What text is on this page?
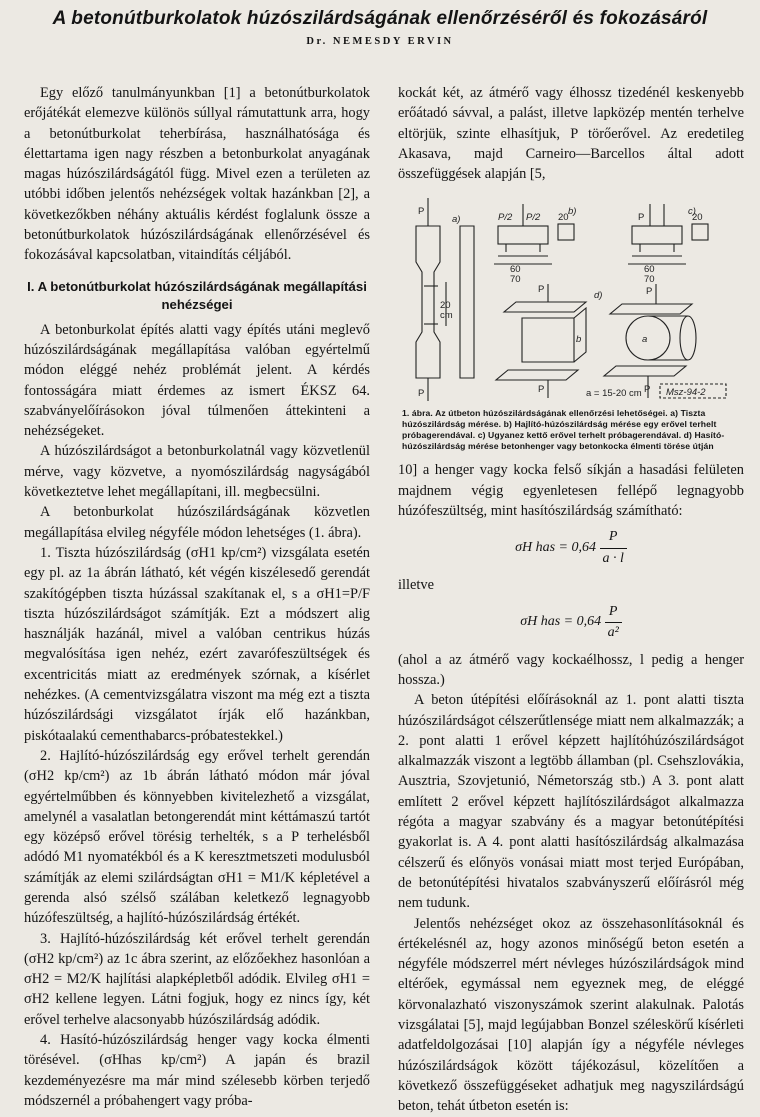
A betonútburkolatok húzószilárdságának ellenőrzéséről és fokozásáról
Dr. NEMESDY ERVIN

Egy előző tanulmányunkban [1] a betonútburkolatok erőjátékát elemezve különös súllyal rámutattunk arra, hogy a betonútburkolat teherbírása, használhatósága és élettartama igen nagy részben a betonburkolat anyagának magas húzószilárdságától függ. Mivel ezen a területen az utóbbi időben jelentős nehézségek voltak hazánkban [2], a következőkben néhány aktuális kérdést foglalunk össze a betonútburkolatok húzószilárdságának ellenőrzésével és fokozásával kapcsolatban, vitaindítás céljából.

I. A betonútburkolat húzószilárdságának megállapítási nehézségei

A betonburkolat építés alatti vagy építés utáni meglevő húzószilárdságának megállapítása valóban egyértelmű módon eléggé nehéz problémát jelent. A kérdés fontosságára miatt érdemes az ismert ÉKSZ 64. szabványelőírásokon jóval túlmenően áttekinteni a nehézségeket.

A húzószilárdságot a betonburkolatnál vagy közvetlenül mérve, vagy közvetve, a nyomószilárdság nagyságából következtetve lehet megállapítani, ill. megbecsülni.

A betonburkolat húzószilárdságának közvetlen megállapítása elvileg négyféle módon lehetséges (1. ábra).

1. Tiszta húzószilárdság (σH1 kp/cm²) vizsgálata esetén egy pl. az 1a ábrán látható, két végén kiszélesedő gerendát szakítógépben tiszta húzással szakítanak el, s a σH1=P/F tiszta húzószilárdságot számítják. Ezt a módszert alig használják hazánál, mivel a valóban centrikus húzás megvalósítása igen nehéz, ezért zavarófeszültségek és excentricitás miatt az eredmények szórnak, a kísérlet nehézkes. (A cementvizsgálatra viszont ma még ezt a tiszta húzószilárdsági vizsgálatot írják elő hazánkban, piskótaalakú cementhabarcs-próbatestekkel.)

2. Hajlító-húzószilárdság egy erővel terhelt gerendán (σH2 kp/cm²) az 1b ábrán látható módon már jóval egyértelműbben és könnyebben kivitelezhető a vizsgálat, amelynél a vasalatlan betongerendát mint kéttámaszú tartót egy középső erővel törésig terhelték, s a P terhelésből adódó M1 nyomatékból és a K keresztmetszeti modulusból számítják az elemi szilárdságtan σH1 = M1/K képletével a gerenda alsó szélső szálában keletkező legnagyobb húzófeszültség, a hajlító-húzószilárdság értékét.

3. Hajlító-húzószilárdság két erővel terhelt gerendán (σH2 kp/cm²) az 1c ábra szerint, az előzőekhez hasonlóan a σH2 = M2/K hajlítási alapképletből adódik. Elvileg σH1 = σH2 kellene legyen. Látni fogjuk, hogy ez nincs így, két erővel terhelve alacsonyabb húzószilárdság adódik.

4. Hasító-húzószilárdság henger vagy kocka élmenti törésével. (σHhas kp/cm²) A japán és brazil kezdeményezésre ma már mind szélesebb körben terjedő módszernél a próbahengert vagy próba-

kockát két, az átmérő vagy élhossz tizedénél keskenyebb erőátadó sávval, a palást, illetve lapközép mentén terhelve eltörjük, szinte elhasítjuk, P törőerővel. Az eredetileg Akasava, majd Carneiro—Barcellos által adott összefüggések alapján [5,

a)
b)	c)
d)
P
P
P/2 P/2
60
70
20	P
60
70
20
20
cm
P
P	P
P
b	a
a = 15-20 cm	Msz-94-2
1. ábra. Az útbeton húzószilárdságának ellenőrzési lehetőségei. a) Tiszta húzószilárdság mérése. b) Hajlító-húzószilárdság mérése egy erővel terhelt próbagerendával. c) Ugyanez kettő erővel terhelt próbagerendával. d) Hasító-húzószilárdság mérése betonhenger vagy betonkocka élmenti törése útján

10] a henger vagy kocka felső síkján a hasadási felületen majdnem végig egyenletesen fellépő legnagyobb húzófeszültség, mint hasítószilárdság számítható:

σH has = $0,64 \frac{P}{a \cdot l}$

illetve

σH has = $0,64 \frac{P}{\text{a²}}$

(ahol a az átmérő vagy kockaélhossz, l pedig a henger hossza.)

A beton útépítési előírásoknál az 1. pont alatti tiszta húzószilárdságot célszerűtlensége miatt nem alkalmazzák; a 2. pont alatti 1 erővel képzett hajlítóhúzószilárdságot alkalmazzák viszont a legtöbb államban (pl. Csehszlovákia, Ausztria, Szovjetunió, Németország stb.) A 3. pont alatt említett 2 erővel képzett hajlítószilárdságot alkalmazza régóta a magyar szabvány és a magyar betonútépítési gyakorlat is. A 4. pont alatti hasítószilárdság alkalmazása célszerű és előnyös vonásai miatt most terjed Európában, de betonútépítési hivatalos szabványszerű előírásról még nem tudunk.

Jelentős nehézséget okoz az összehasonlításoknál és értékelésnél az, hogy azonos minőségű beton esetén a négyféle módszerrel mért névleges húzószilárdságok mind eltérőek, egymással nem egyeznek meg, de eléggé körvonalazható viszonyszámok szerint alakulnak. Palotás vizsgálatai [5], majd legújabban Bonzel széleskörű kísérleti adatfeldolgozásai [10] alapján így a négyféle névleges húzószilárdságok között tájékozásul, közelítően a következő összefüggéseket adhatjuk meg nagyszilárdságú beton, tehát útbeton esetén is:
